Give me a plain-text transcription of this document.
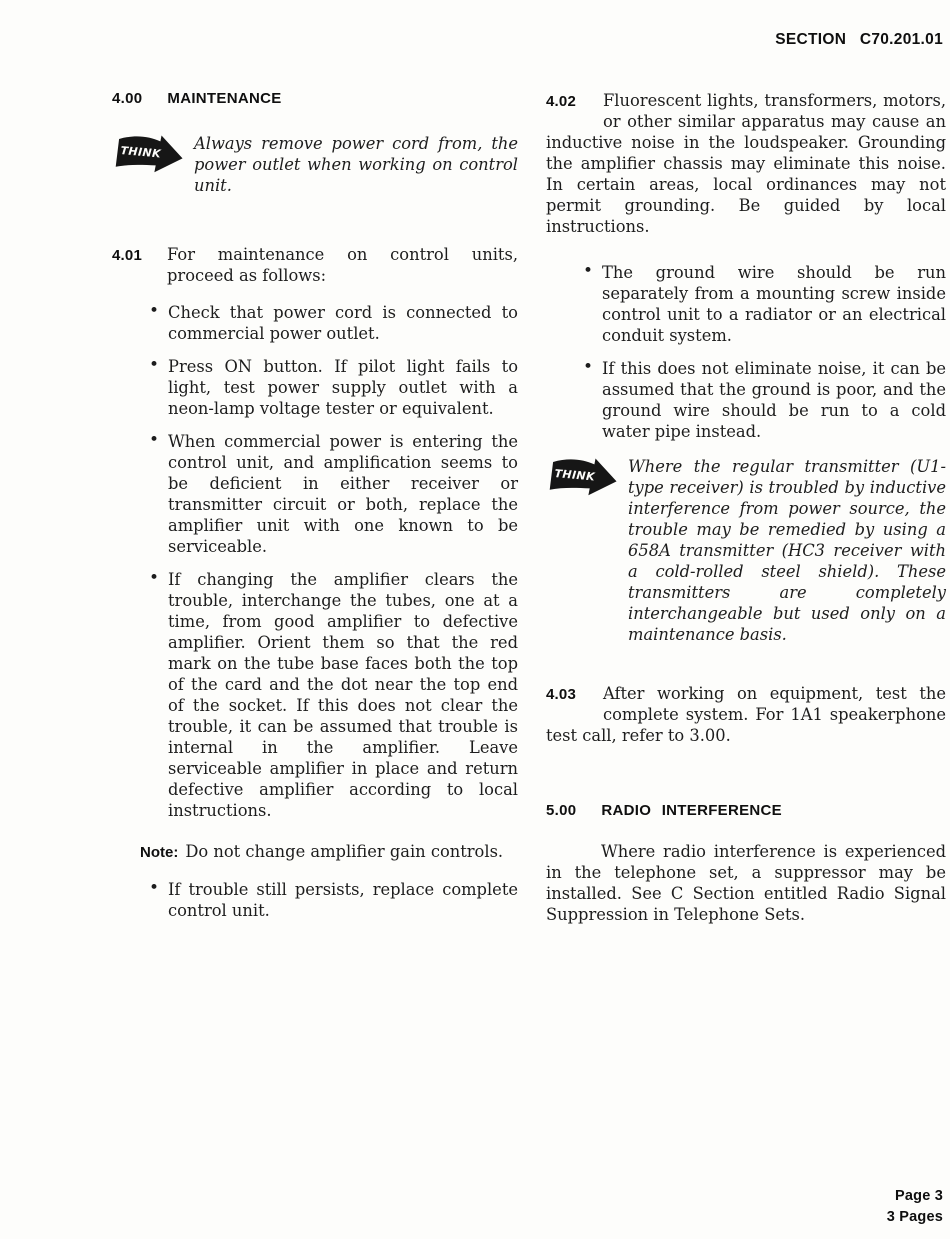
SECTION C70.201.01

4.00 MAINTENANCE

THINK Always remove power cord from, the power outlet when working on control unit.

4.01 For maintenance on control units, proceed as follows:

• Check that power cord is connected to commercial power outlet.

• Press ON button. If pilot light fails to light, test power supply outlet with a neon-lamp voltage tester or equivalent.

• When commercial power is entering the control unit, and amplification seems to be deficient in either receiver or transmitter circuit or both, replace the amplifier unit with one known to be serviceable.

• If changing the amplifier clears the trouble, interchange the tubes, one at a time, from good amplifier to defective amplifier. Orient them so that the red mark on the tube base faces both the top of the card and the dot near the top end of the socket. If this does not clear the trouble, it can be assumed that trouble is internal in the amplifier. Leave serviceable amplifier in place and return defective amplifier according to local instructions.

Note: Do not change amplifier gain controls.

• If trouble still persists, replace complete control unit.

4.02 Fluorescent lights, transformers, motors, or other similar apparatus may cause an inductive noise in the loudspeaker. Grounding the amplifier chassis may eliminate this noise. In certain areas, local ordinances may not permit grounding. Be guided by local instructions.

• The ground wire should be run separately from a mounting screw inside control unit to a radiator or an electrical conduit system.

• If this does not eliminate noise, it can be assumed that the ground is poor, and the ground wire should be run to a cold water pipe instead.

THINK Where the regular transmitter (U1-type receiver) is troubled by inductive interference from power source, the trouble may be remedied by using a 658A transmitter (HC3 receiver with a cold-rolled steel shield). These transmitters are completely interchangeable but used only on a maintenance basis.

4.03 After working on equipment, test the complete system. For 1A1 speakerphone test call, refer to 3.00.

5.00 RADIO INTERFERENCE

Where radio interference is experienced in the telephone set, a suppressor may be installed. See C Section entitled Radio Signal Suppression in Telephone Sets.

Page 3
3 Pages
